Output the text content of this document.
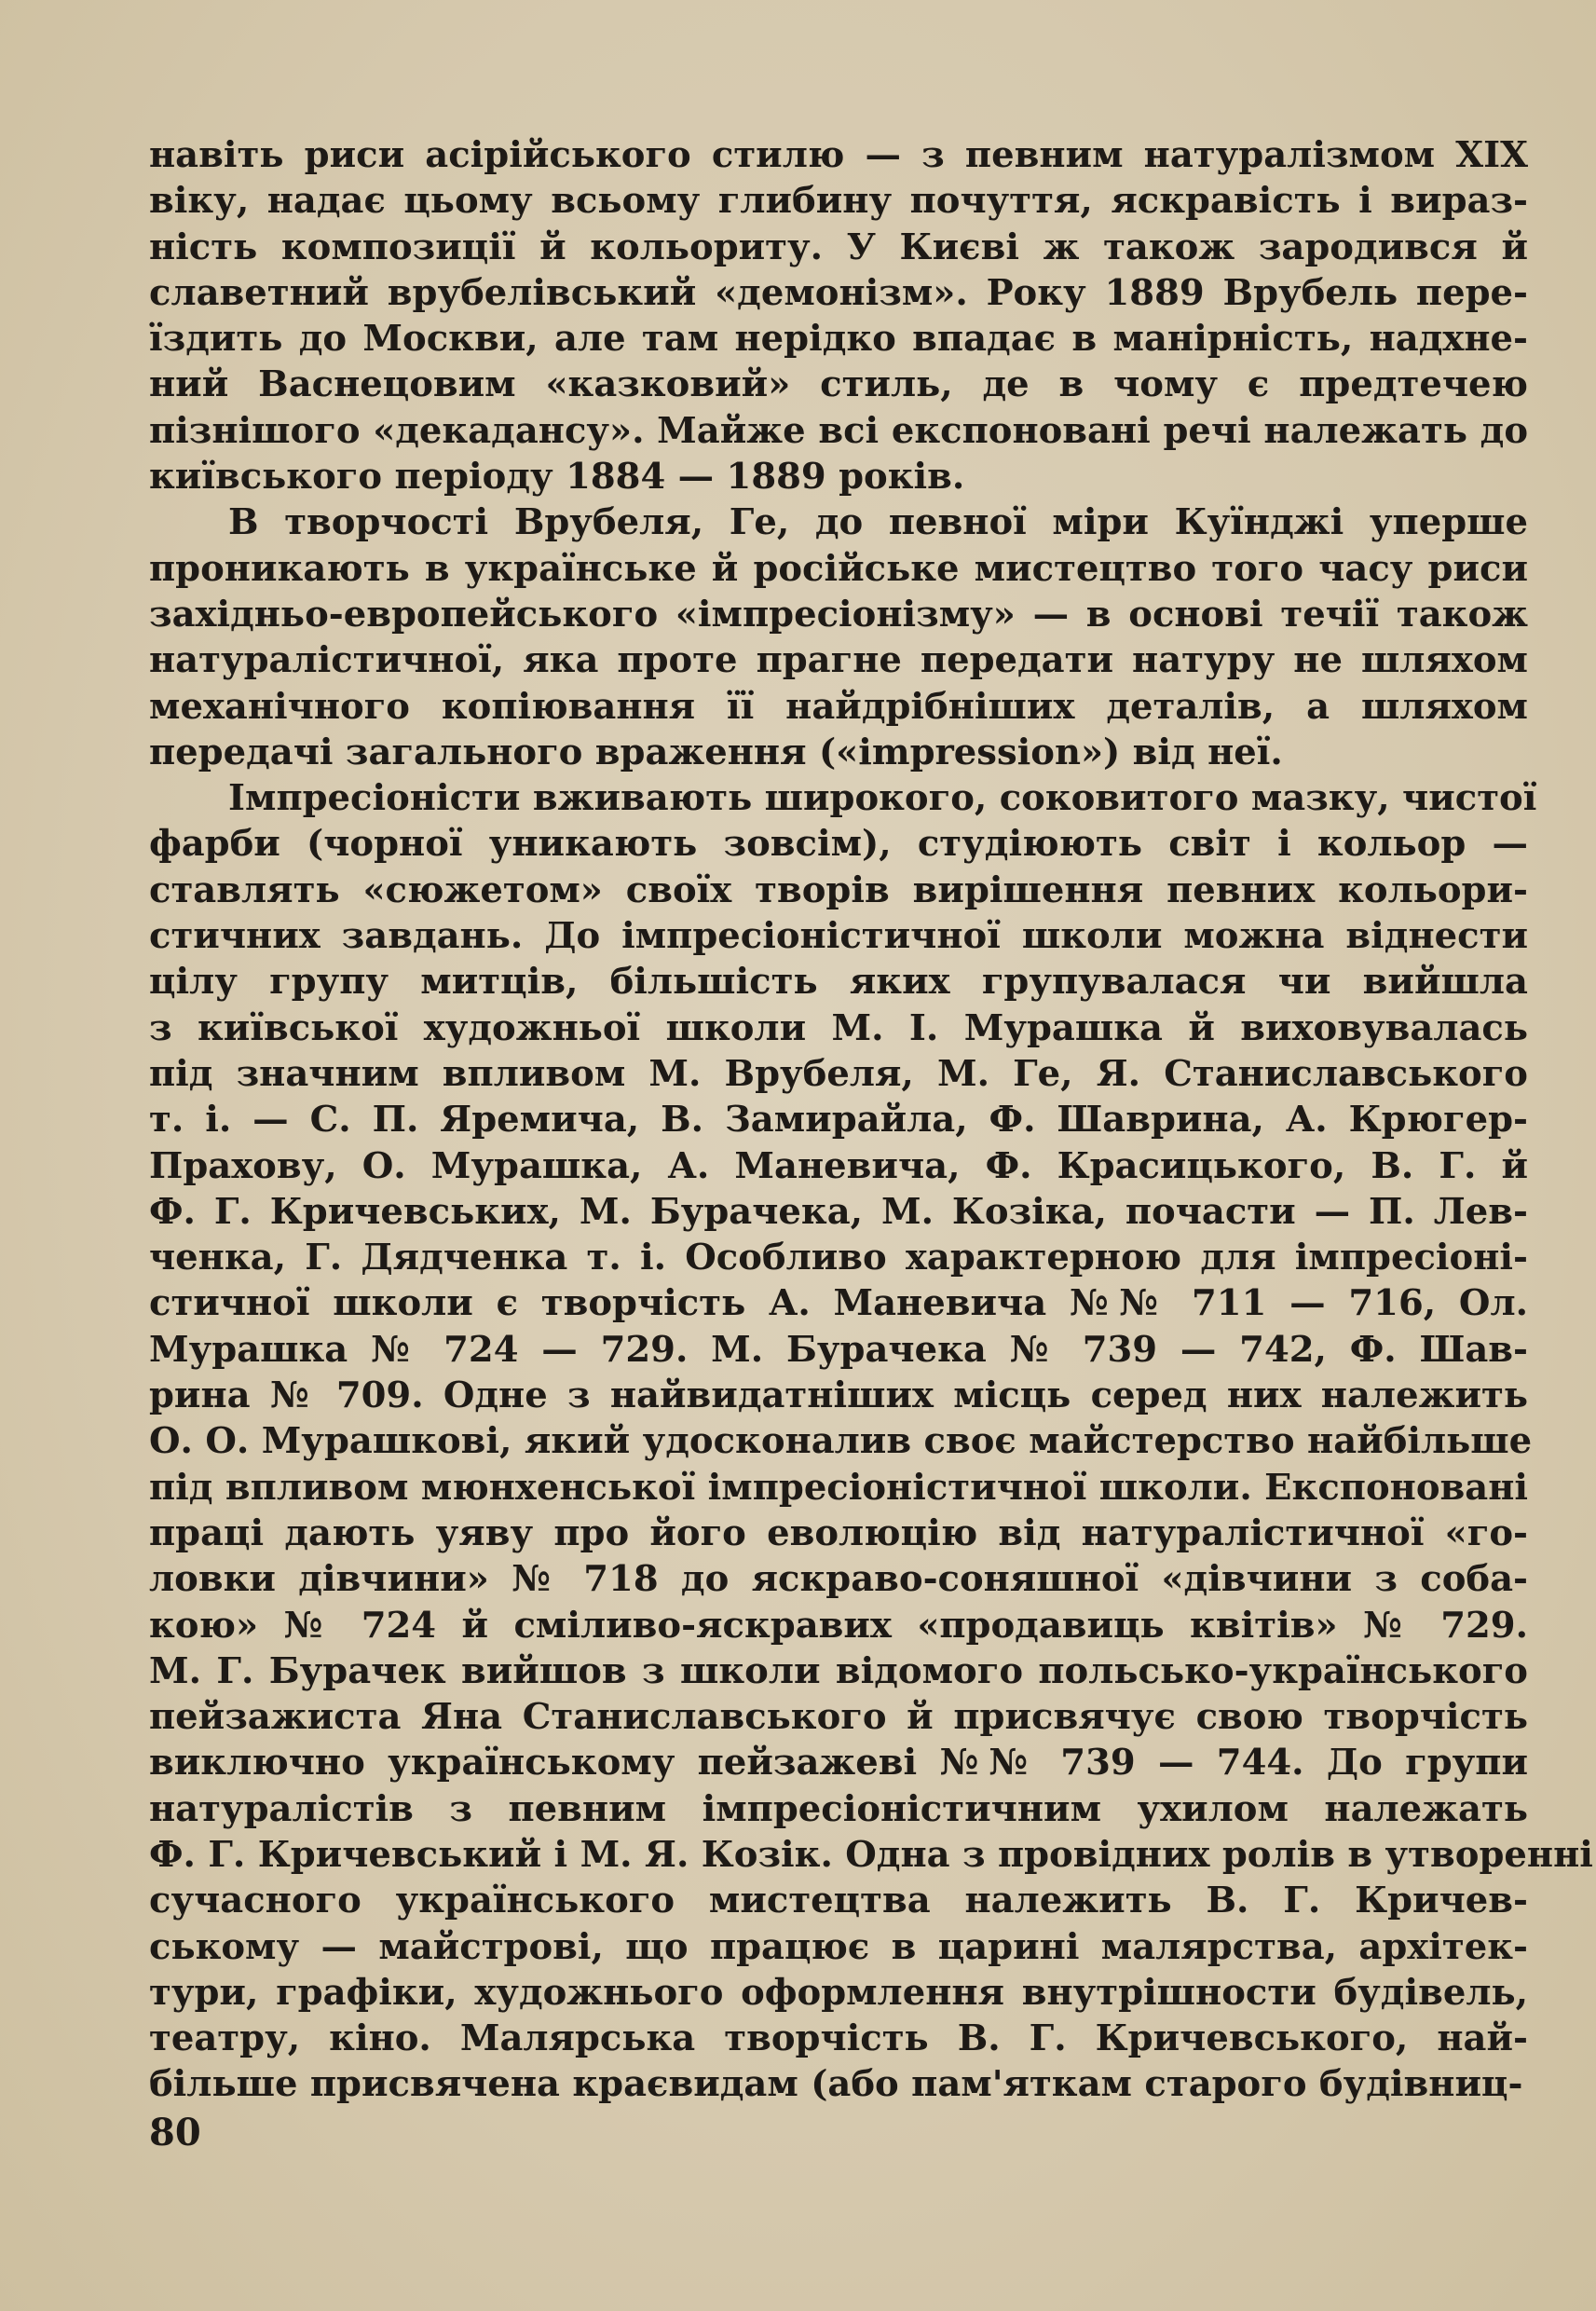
навіть риси асірійського стилю — з певним натуралізмом XIX
віку, надає цьому всьому глибину почуття, яскравість і вираз-
ність композиції й кольориту. У Києві ж також зародився й
славетний врубелівський «демонізм». Року 1889 Врубель пере-
їздить до Москви, але там нерідко впадає в манірність, надхне-
ний Васнецовим «казковий» стиль, де в чому є предтечею
пізнішого «декадансу». Майже всі експоновані речі належать до
київського періоду 1884 — 1889 років.
В творчості Врубеля, Ге, до певної міри Куїнджі уперше
проникають в українське й російське мистецтво того часу риси
західньо-европейського «імпресіонізму» — в основі течії також
натуралістичної, яка проте прагне передати натуру не шляхом
механічного копіювання її найдрібніших деталів, а шляхом
передачі загального враження («impression») від неї.
Імпресіоністи вживають широкого, соковитого мазку, чистої
фарби (чорної уникають зовсім), студіюють світ і кольор —
ставлять «сюжетом» своїх творів вирішення певних кольори-
стичних завдань. До імпресіоністичної школи можна віднести
цілу групу митців, більшість яких групувалася чи вийшла
з київської художньої школи М. І. Мурашка й виховувалась
під значним впливом М. Врубеля, М. Ге, Я. Станиславського
т. і. — С. П. Яремича, В. Замирайла, Ф. Шаврина, А. Крюгер-
Прахову, О. Мурашка, А. Маневича, Ф. Красицького, В. Г. й
Ф. Г. Кричевських, М. Бурачека, М. Козіка, почасти — П. Лев-
ченка, Г. Дядченка т. і. Особливо характерною для імпресіоні-
стичної школи є творчість А. Маневича №№ 711 — 716, Ол.
Мурашка № 724 — 729. М. Бурачека № 739 — 742, Ф. Шав-
рина № 709. Одне з найвидатніших місць серед них належить
О. О. Мурашкові, який удосконалив своє майстерство найбільше
під впливом мюнхенської імпресіоністичної школи. Експоновані
праці дають уяву про його еволюцію від натуралістичної «го-
ловки дівчини» № 718 до яскраво-соняшної «дівчини з соба-
кою» № 724 й сміливо-яскравих «продавиць квітів» № 729.
М. Г. Бурачек вийшов з школи відомого польсько-українського
пейзажиста Яна Станиславського й присвячує свою творчість
виключно українському пейзажеві №№ 739 — 744. До групи
натуралістів з певним імпресіоністичним ухилом належать
Ф. Г. Кричевський і М. Я. Козік. Одна з провідних ролів в утворенні
сучасного українського мистецтва належить В. Г. Кричев-
ському — майстрові, що працює в царині малярства, архітек-
тури, графіки, художнього оформлення внутрішности будівель,
театру, кіно. Малярська творчість В. Г. Кричевського, най-
більше присвячена краєвидам (або пам'яткам старого будівниц-
80
